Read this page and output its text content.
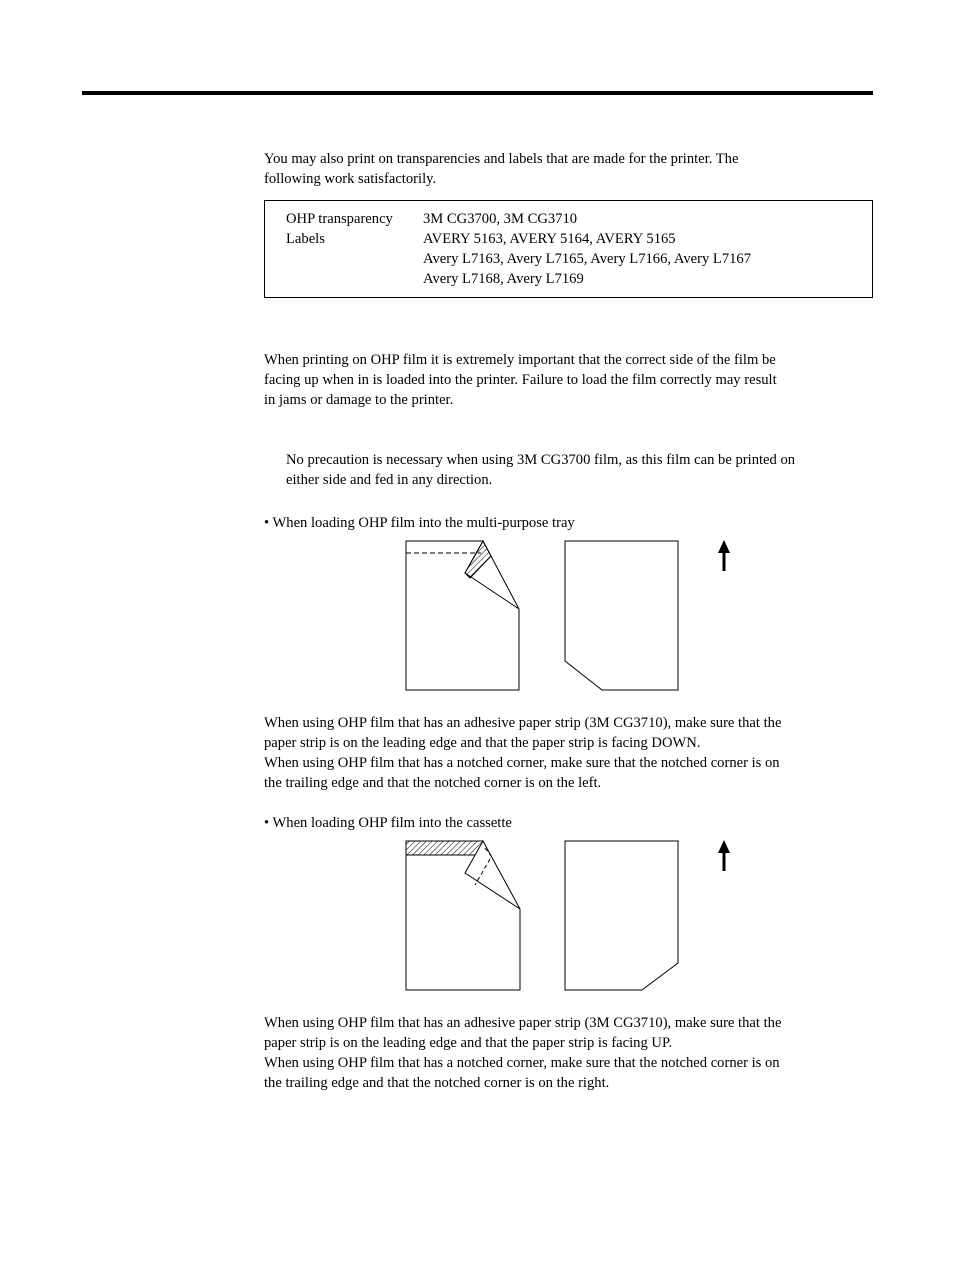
You may also print on transparencies and labels that are made for the printer. The
following work satisfactorily.

OHP transparency 3M CG3700, 3M CG3710
Labels	AVERY 5163, AVERY 5164, AVERY 5165
Avery L7163, Avery L7165, Avery L7166, Avery L7167
Avery L7168, Avery L7169

When printing on OHP film it is extremely important that the correct side of the film be
facing up when in is loaded into the printer. Failure to load the film correctly may result
in jams or damage to the printer.

No precaution is necessary when using 3M CG3700 film, as this film can be printed on
either side and fed in any direction.

• When loading OHP film into the multi-purpose tray

When using OHP film that has an adhesive paper strip (3M CG3710), make sure that the
paper strip is on the leading edge and that the paper strip is facing DOWN.
When using OHP film that has a notched corner, make sure that the notched corner is on
the trailing edge and that the notched corner is on the left.

• When loading OHP film into the cassette

When using OHP film that has an adhesive paper strip (3M CG3710), make sure that the
paper strip is on the leading edge and that the paper strip is facing UP.
When using OHP film that has a notched corner, make sure that the notched corner is on
the trailing edge and that the notched corner is on the right.
